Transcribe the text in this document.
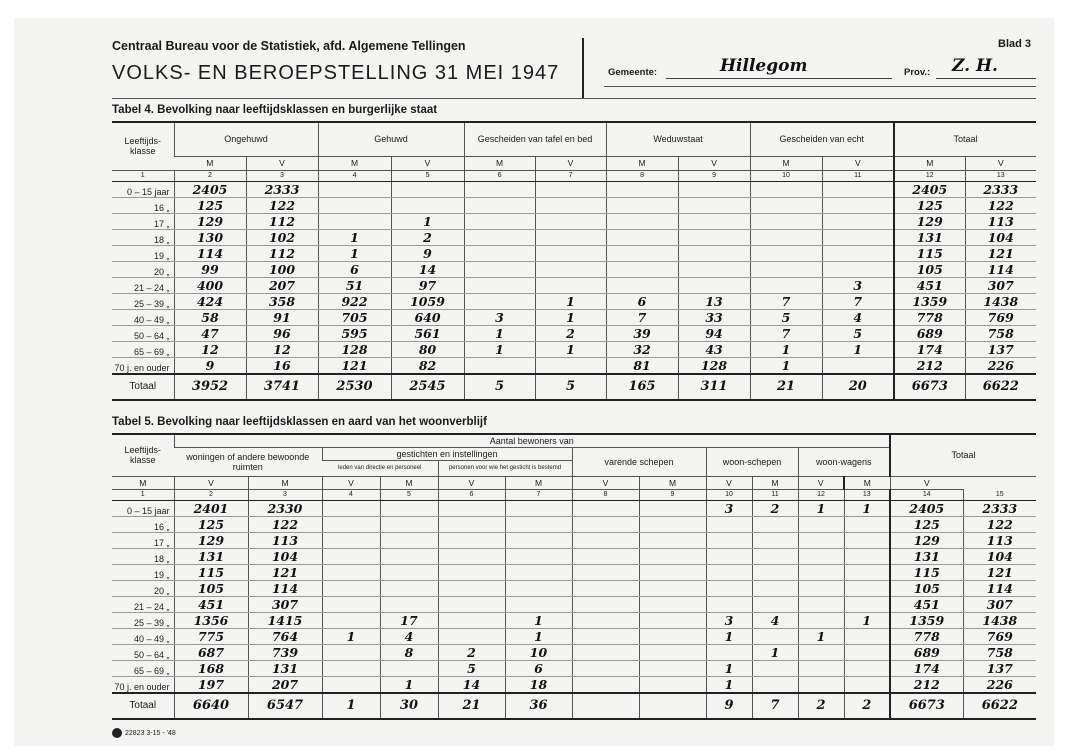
Centraal Bureau voor de Statistiek, afd. Algemene Tellingen
VOLKS- EN BEROEPSTELLING 31 MEI 1947
Blad 3
Gemeente:	Hillegom	Prov.: Z. H.
Tabel 4. Bevolking naar leeftijdsklassen en burgerlijke staat
Leeftijds-klasse	Ongehuwd		Gehuwd		Gescheiden van tafel en bed		Weduwstaat		Gescheiden van echt		Totaal	
	M	V	M	V	M	V	M	V	M	V	M	V
1	2	3	4	5	6	7	8	9	10	11	12	13
0 – 15 jaar	2405	2333									2405	2333
16 „	125	122									125	122
17 „	129	112		1							129	113
18 „	130	102	1	2							131	104
19 „	114	112	1	9							115	121
20 „	99	100	6	14							105	114
21 – 24 „	400	207	51	97						3	451	307
25 – 39 „	424	358	922	1059		1	6	13	7	7	1359	1438
40 – 49 „	58	91	705	640	3	1	7	33	5	4	778	769
50 – 64 „	47	96	595	561	1	2	39	94	7	5	689	758
65 – 69 „	12	12	128	80	1	1	32	43	1	1	174	137
70 j. en ouder	9	16	121	82			81	128	1		212	226
Totaal	3952	3741	2530	2545	5	5	165	311	21	20	6673	6622
Tabel 5. Bevolking naar leeftijdsklassen en aard van het woonverblijf
Leeftijds-klasse	Aantal bewoners van												Totaal	
	woningen of andere bewoonde ruimten		gestichten en instellingen				varende schepen		woon-schepen		woon-wagens			
			leden van directie en personeel		personen voor wie het gesticht is bestemd									
M	V	M	V	M	V	M	V	M	V	M	V	M	V	
1	2	3	4	5	6	7	8	9	10	11	12	13	14	15
0 – 15 jaar	2401	2330							3	2	1	1	2405	2333
16 „	125	122											125	122
17 „	129	113											129	113
18 „	131	104											131	104
19 „	115	121											115	121
20 „	105	114											105	114
21 – 24 „	451	307											451	307
25 – 39 „	1356	1415		17		1			3	4		1	1359	1438
40 – 49 „	775	764	1	4		1			1		1		778	769
50 – 64 „	687	739		8	2	10				1			689	758
65 – 69 „	168	131			5	6			1				174	137
70 j. en ouder	197	207		1	14	18			1				212	226
Totaal	6640	6547	1	30	21	36			9	7	2	2	6673	6622
22823 3-15 - '48
